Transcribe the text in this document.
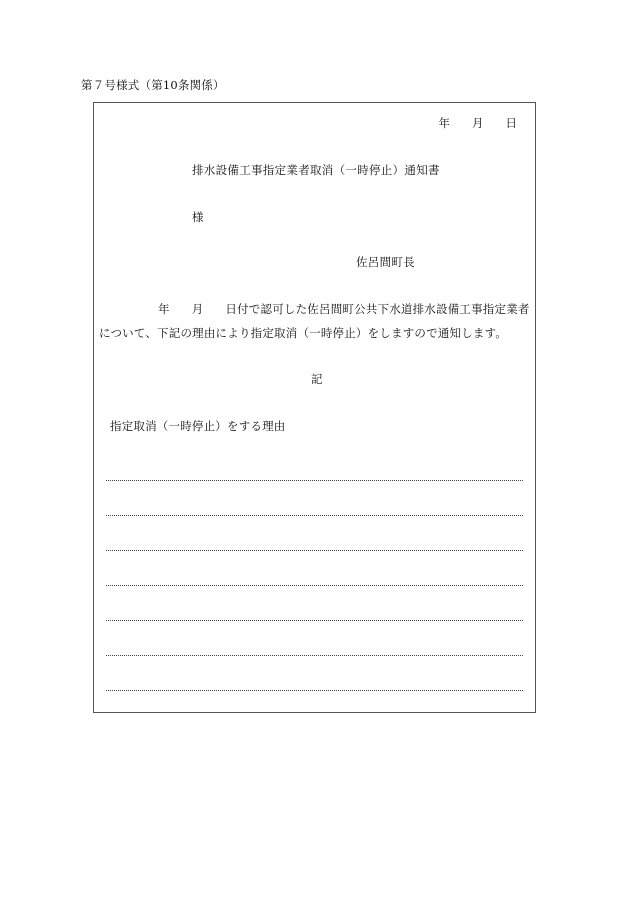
第７号様式（第10条関係）
年 月 日
排水設備工事指定業者取消（一時停止）通知書
様
佐呂間町長
年 月 日付で認可した佐呂間町公共下水道排水設備工事指定業者
について、下記の理由により指定取消（一時停止）をしますので通知します。
記
指定取消（一時停止）をする理由
